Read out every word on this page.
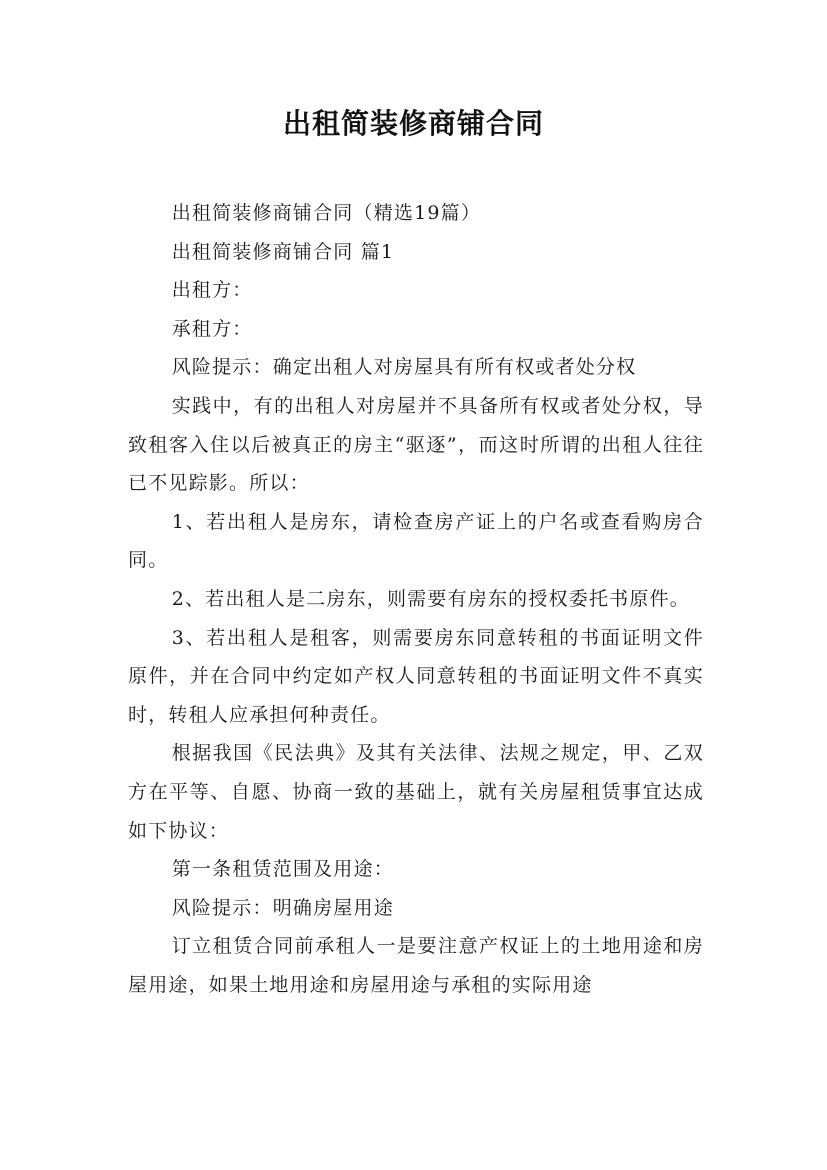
出租简装修商铺合同

出租简装修商铺合同（精选19篇）

出租简装修商铺合同 篇1

出租方：

承租方：

风险提示：确定出租人对房屋具有所有权或者处分权

实践中，有的出租人对房屋并不具备所有权或者处分权，导致租客入住以后被真正的房主“驱逐”，而这时所谓的出租人往往已不见踪影。所以：

1、若出租人是房东，请检查房产证上的户名或查看购房合同。

2、若出租人是二房东，则需要有房东的授权委托书原件。

3、若出租人是租客，则需要房东同意转租的书面证明文件原件，并在合同中约定如产权人同意转租的书面证明文件不真实时，转租人应承担何种责任。

根据我国《民法典》及其有关法律、法规之规定，甲、乙双方在平等、自愿、协商一致的基础上，就有关房屋租赁事宜达成如下协议：

第一条租赁范围及用途：

风险提示：明确房屋用途

订立租赁合同前承租人一是要注意产权证上的土地用途和房屋用途，如果土地用途和房屋用途与承租的实际用途
